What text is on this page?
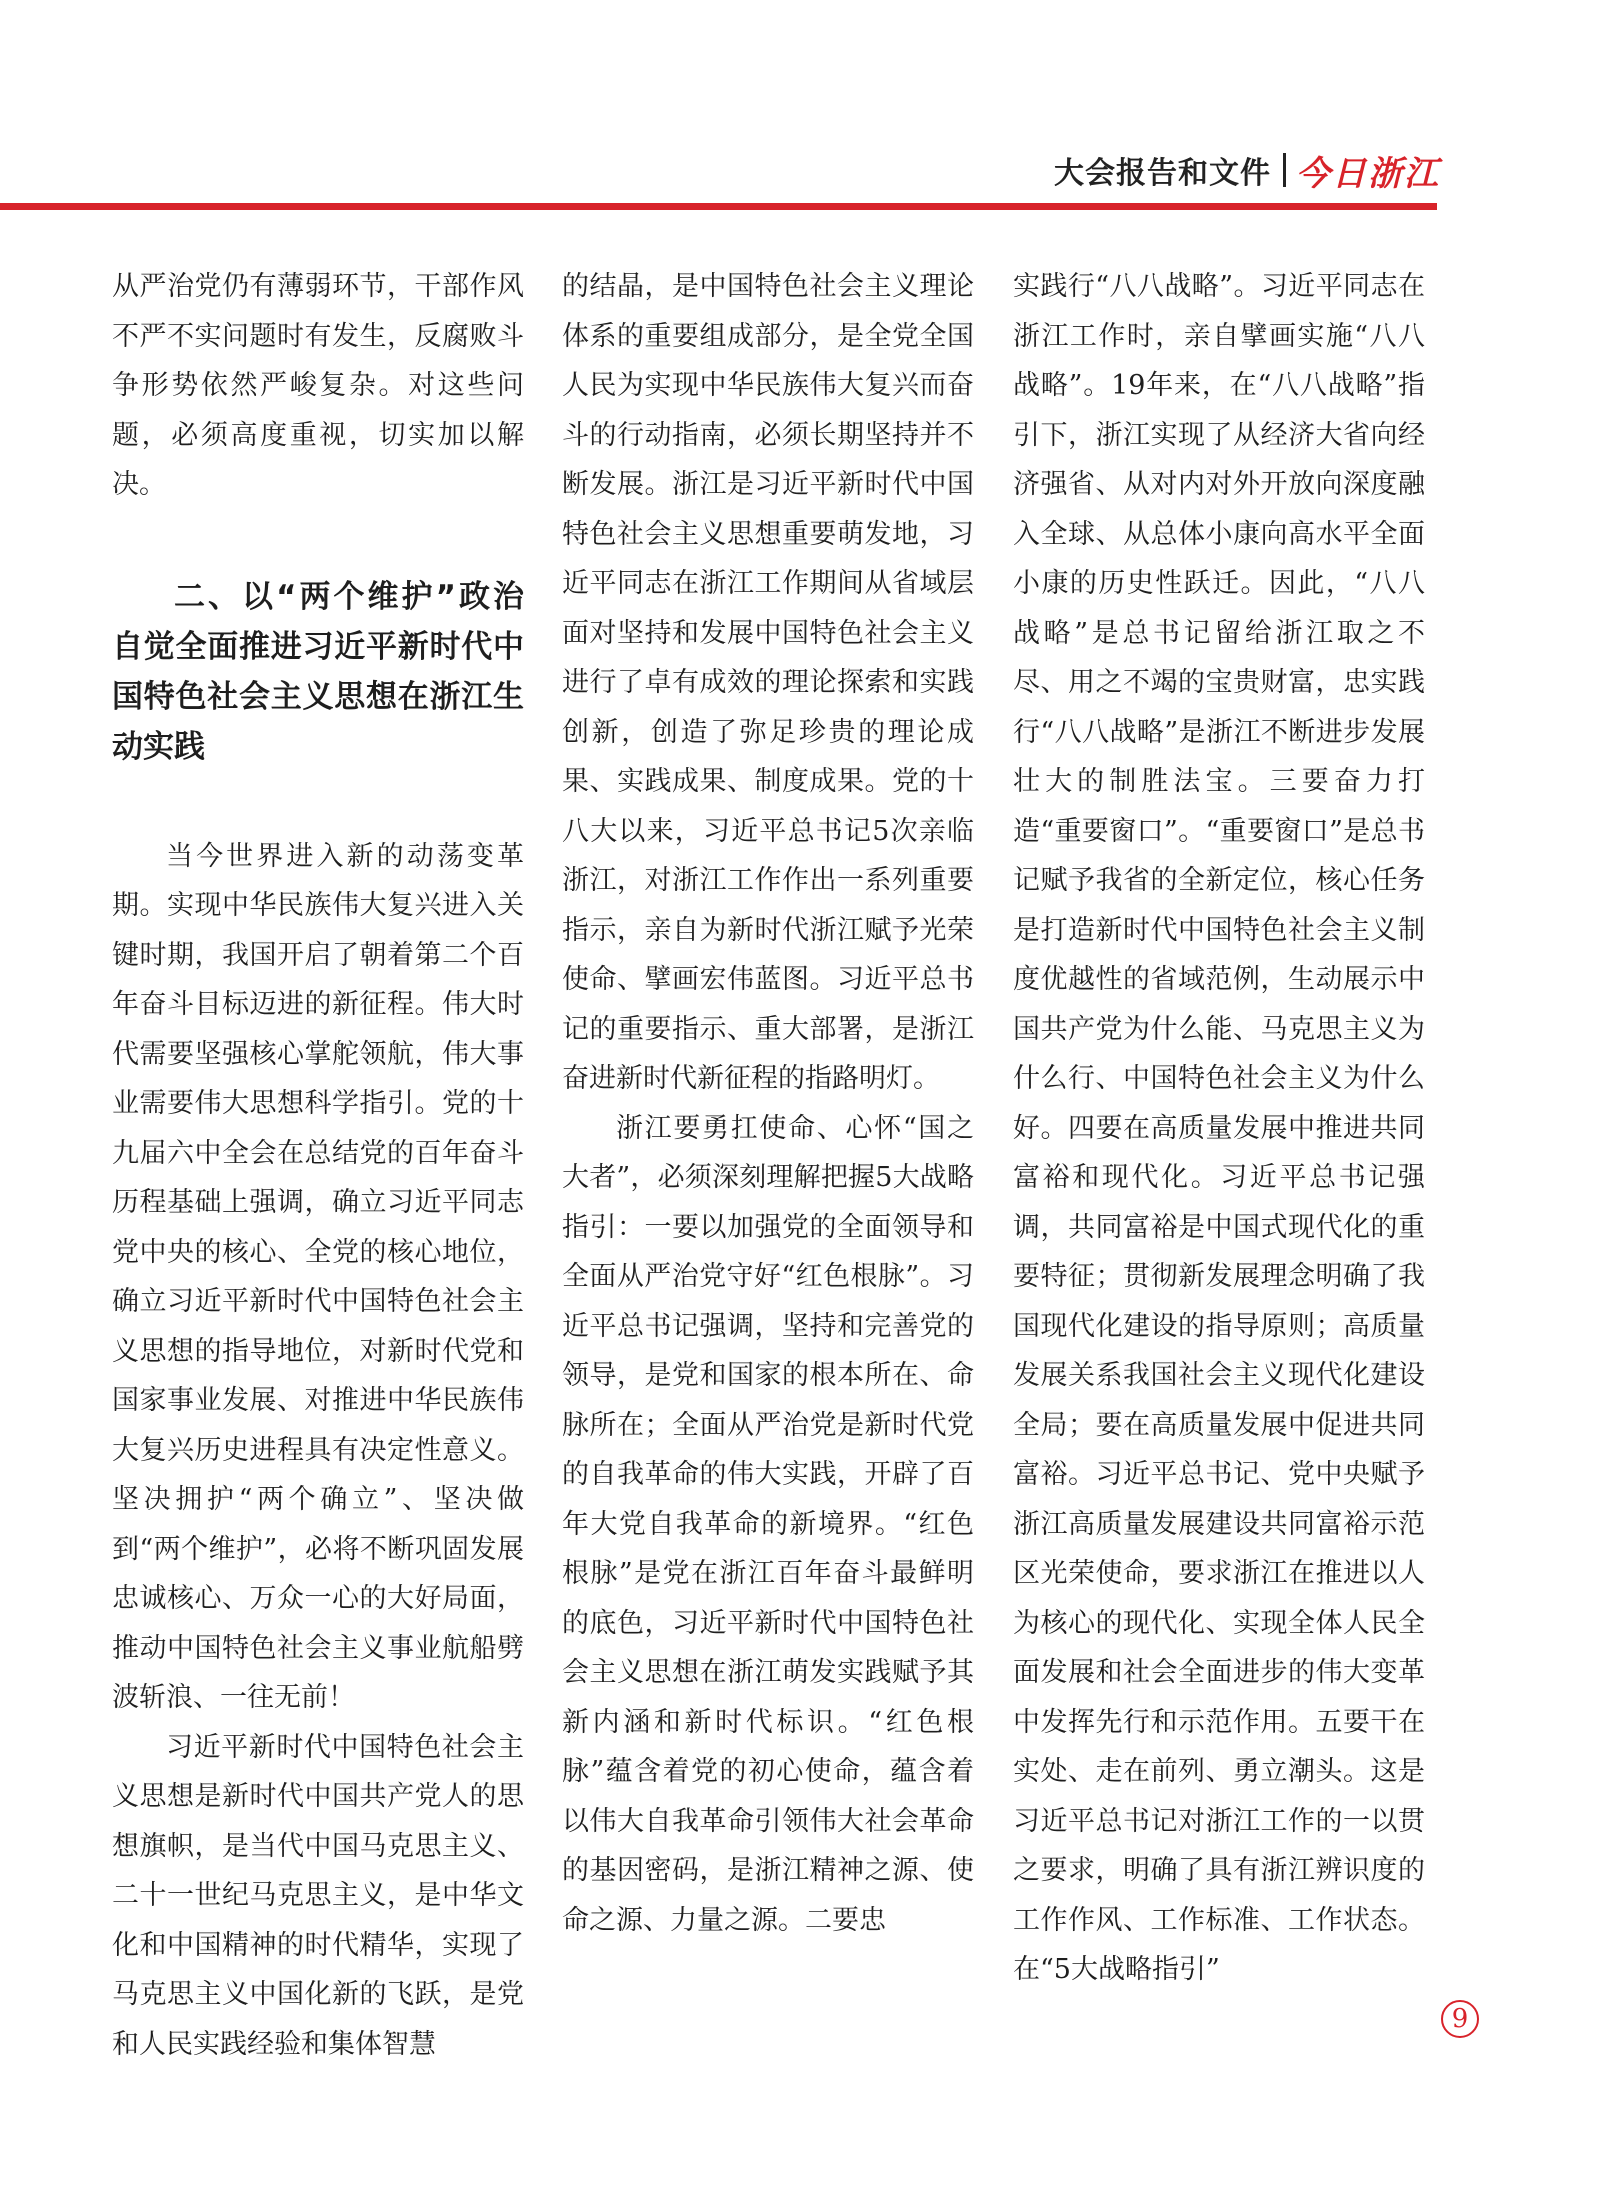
大会报告和文件 今日浙江

从严治党仍有薄弱环节，干部作风不严不实问题时有发生，反腐败斗争形势依然严峻复杂。对这些问题，必须高度重视，切实加以解决。

二、以“两个维护”政治自觉全面推进习近平新时代中国特色社会主义思想在浙江生动实践

当今世界进入新的动荡变革期。实现中华民族伟大复兴进入关键时期，我国开启了朝着第二个百年奋斗目标迈进的新征程。伟大时代需要坚强核心掌舵领航，伟大事业需要伟大思想科学指引。党的十九届六中全会在总结党的百年奋斗历程基础上强调，确立习近平同志党中央的核心、全党的核心地位，确立习近平新时代中国特色社会主义思想的指导地位，对新时代党和国家事业发展、对推进中华民族伟大复兴历史进程具有决定性意义。坚决拥护“两个确立”、坚决做到“两个维护”，必将不断巩固发展忠诚核心、万众一心的大好局面，推动中国特色社会主义事业航船劈波斩浪、一往无前！

习近平新时代中国特色社会主义思想是新时代中国共产党人的思想旗帜，是当代中国马克思主义、二十一世纪马克思主义，是中华文化和中国精神的时代精华，实现了马克思主义中国化新的飞跃，是党和人民实践经验和集体智慧

的结晶，是中国特色社会主义理论体系的重要组成部分，是全党全国人民为实现中华民族伟大复兴而奋斗的行动指南，必须长期坚持并不断发展。浙江是习近平新时代中国特色社会主义思想重要萌发地，习近平同志在浙江工作期间从省域层面对坚持和发展中国特色社会主义进行了卓有成效的理论探索和实践创新，创造了弥足珍贵的理论成果、实践成果、制度成果。党的十八大以来，习近平总书记5次亲临浙江，对浙江工作作出一系列重要指示，亲自为新时代浙江赋予光荣使命、擘画宏伟蓝图。习近平总书记的重要指示、重大部署，是浙江奋进新时代新征程的指路明灯。

浙江要勇扛使命、心怀“国之大者”，必须深刻理解把握5大战略指引：一要以加强党的全面领导和全面从严治党守好“红色根脉”。习近平总书记强调，坚持和完善党的领导，是党和国家的根本所在、命脉所在；全面从严治党是新时代党的自我革命的伟大实践，开辟了百年大党自我革命的新境界。“红色根脉”是党在浙江百年奋斗最鲜明的底色，习近平新时代中国特色社会主义思想在浙江萌发实践赋予其新内涵和新时代标识。“红色根脉”蕴含着党的初心使命，蕴含着以伟大自我革命引领伟大社会革命的基因密码，是浙江精神之源、使命之源、力量之源。二要忠

实践行“八八战略”。习近平同志在浙江工作时，亲自擘画实施“八八战略”。19年来，在“八八战略”指引下，浙江实现了从经济大省向经济强省、从对内对外开放向深度融入全球、从总体小康向高水平全面小康的历史性跃迁。因此，“八八战略”是总书记留给浙江取之不尽、用之不竭的宝贵财富，忠实践行“八八战略”是浙江不断进步发展壮大的制胜法宝。三要奋力打造“重要窗口”。“重要窗口”是总书记赋予我省的全新定位，核心任务是打造新时代中国特色社会主义制度优越性的省域范例，生动展示中国共产党为什么能、马克思主义为什么行、中国特色社会主义为什么好。四要在高质量发展中推进共同富裕和现代化。习近平总书记强调，共同富裕是中国式现代化的重要特征；贯彻新发展理念明确了我国现代化建设的指导原则；高质量发展关系我国社会主义现代化建设全局；要在高质量发展中促进共同富裕。习近平总书记、党中央赋予浙江高质量发展建设共同富裕示范区光荣使命，要求浙江在推进以人为核心的现代化、实现全体人民全面发展和社会全面进步的伟大变革中发挥先行和示范作用。五要干在实处、走在前列、勇立潮头。这是习近平总书记对浙江工作的一以贯之要求，明确了具有浙江辨识度的工作作风、工作标准、工作状态。在“5大战略指引”

9
